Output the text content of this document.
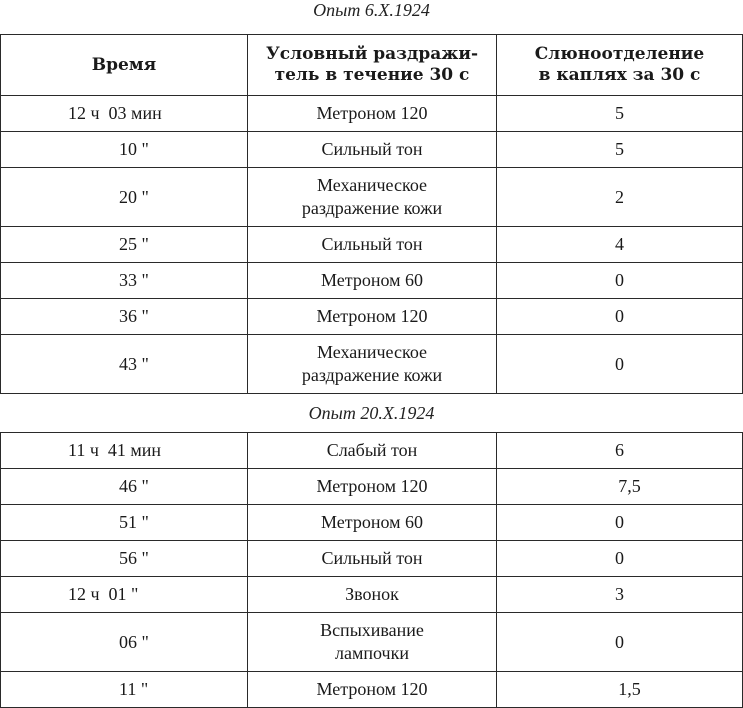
Опыт 6.X.1924
Время	Условный раздражи-
тель в течение 30 с	Слюноотделение
в каплях за 30 с
12 ч  03 мин	Метроном 120	5
10 "	Сильный тон	5
20 "	Механическое
раздражение кожи	2
25 "	Сильный тон	4
33 "	Метроном 60	0
36 "	Метроном 120	0
43 "	Механическое
раздражение кожи	0
Опыт 20.X.1924
11 ч  41 мин	Слабый тон	6
46 "	Метроном 120	7,5
51 "	Метроном 60	0
56 "	Сильный тон	0
12 ч  01 "	Звонок	3
06 "	Вспыхивание
лампочки	0
11 "	Метроном 120	1,5
